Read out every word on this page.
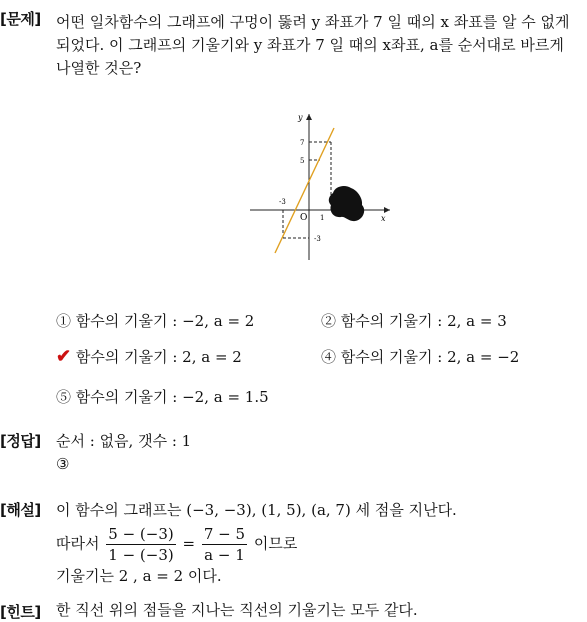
[문제] 어떤 일차함수의 그래프에 구멍이 뚫려 y 좌표가 7 일 때의 x 좌표를 알 수 없게
되었다. 이 그래프의 기울기와 y 좌표가 7 일 때의 x좌표, a를 순서대로 바르게
나열한 것은?
y
x
O
7
5
-3
-3
1
① 함수의 기울기 : −2, a = 2	② 함수의 기울기 : 2, a = 3
✔ 함수의 기울기 : 2, a = 2	④ 함수의 기울기 : 2, a = −2
⑤ 함수의 기울기 : −2, a = 1.5
[정답] 순서 : 없음, 갯수 : 1
③
[해설] 이 함수의 그래프는 (−3, −3), (1, 5), (a, 7) 세 점을 지난다.
따라서 $\frac{5 - (-3)}{1 - (-3)} = \frac{7 - 5}{a - 1}$ 이므로
기울기는 2 , a = 2 이다.
[힌트] 한 직선 위의 점들을 지나는 직선의 기울기는 모두 같다.
